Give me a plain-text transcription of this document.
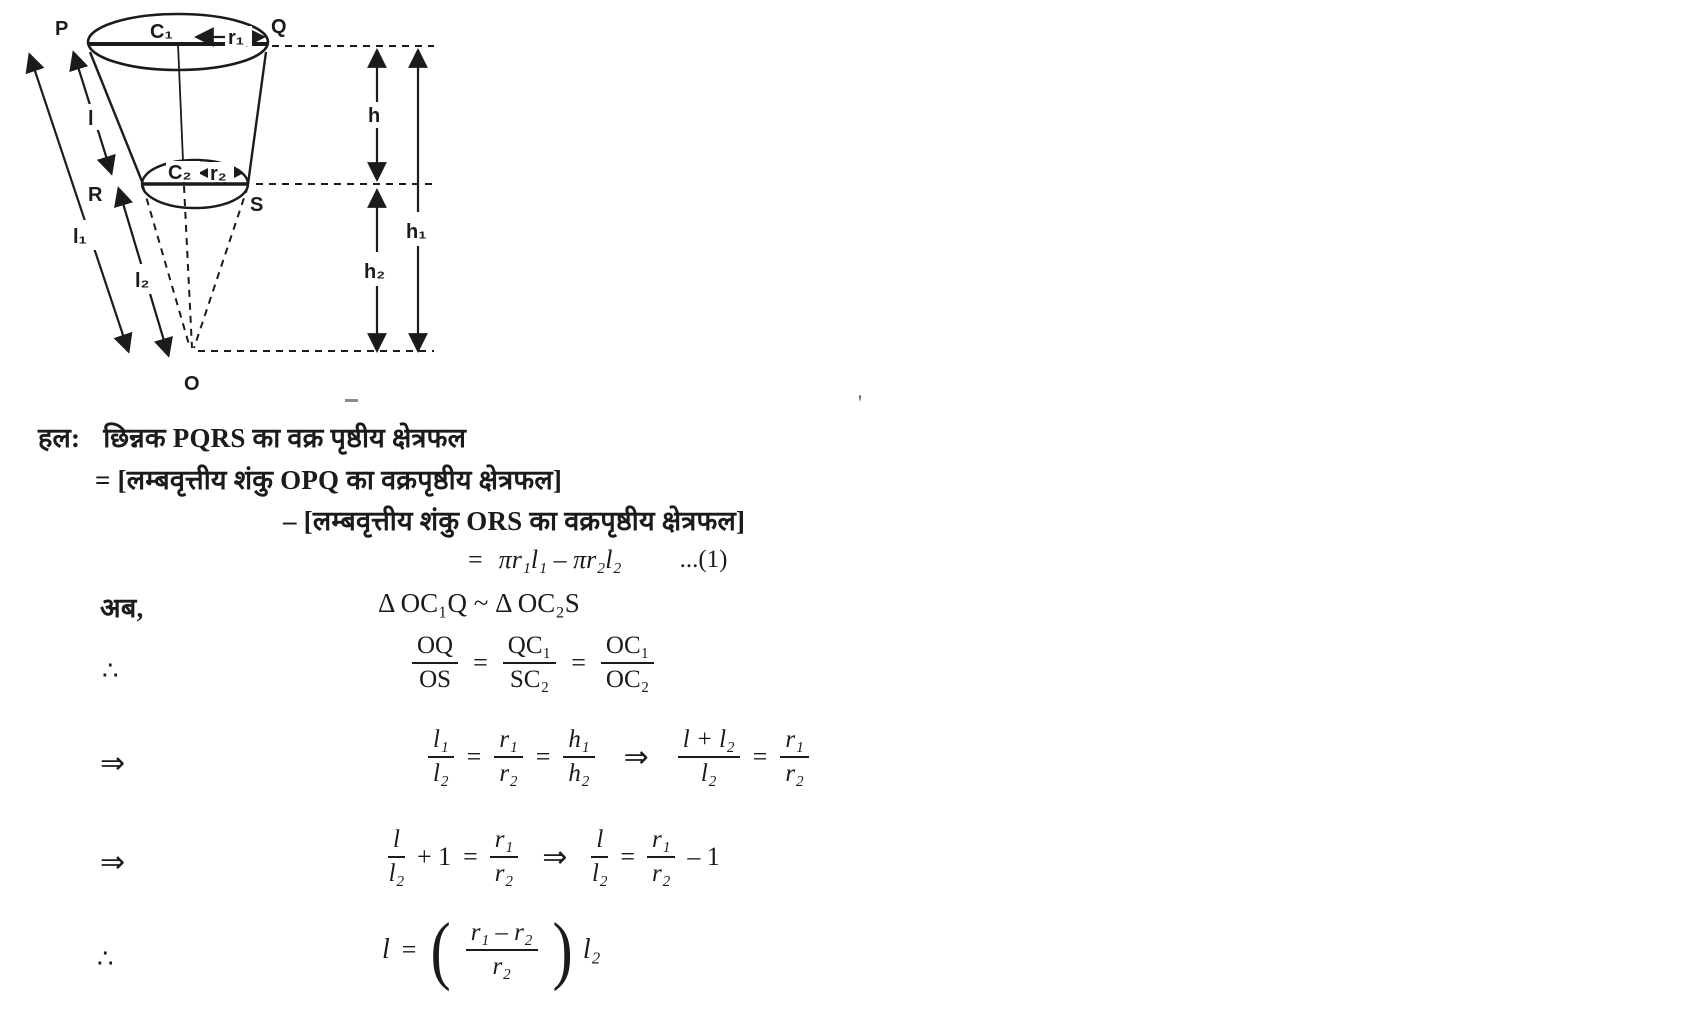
P	Q
R	S
O
C₁
C₂
r₁
r₂
l
l₁
l₂
h
h₁
h₂
'
हल: छिन्नक PQRS का वक्र पृष्ठीय क्षेत्रफल
= [लम्बवृत्तीय शंकु OPQ का वक्रपृष्ठीय क्षेत्रफल]
– [लम्बवृत्तीय शंकु ORS का वक्रपृष्ठीय क्षेत्रफल]
= πr₁l₁ – πr₂l₂ ...(1)
अब,	Δ OC₁Q ~ Δ OC₂S
∴	$\frac{OQ}{OS} = \frac{\text{QC₁}}{\text{SC₂}} = \frac{\text{OC₁}}{\text{OC₂}}$
⇒	$\frac{\text{l₁}}{\text{l₂}} = \frac{\text{r₁}}{\text{r₂}} = \frac{\text{h₁}}{\text{h₂}}$ ⇒ $\frac{\text{l + l₂}}{\text{l₂}} = \frac{\text{r₁}}{\text{r₂}}$
⇒	$\frac{l}{\text{l₂}} + 1 = \frac{\text{r₁}}{\text{r₂}}$ ⇒ $\frac{l}{\text{l₂}} = \frac{\text{r₁}}{\text{r₂}} - 1$
∴	l = ( $\frac{\text{r₁ – r₂}}{\text{r₂}}$ ) l₂
